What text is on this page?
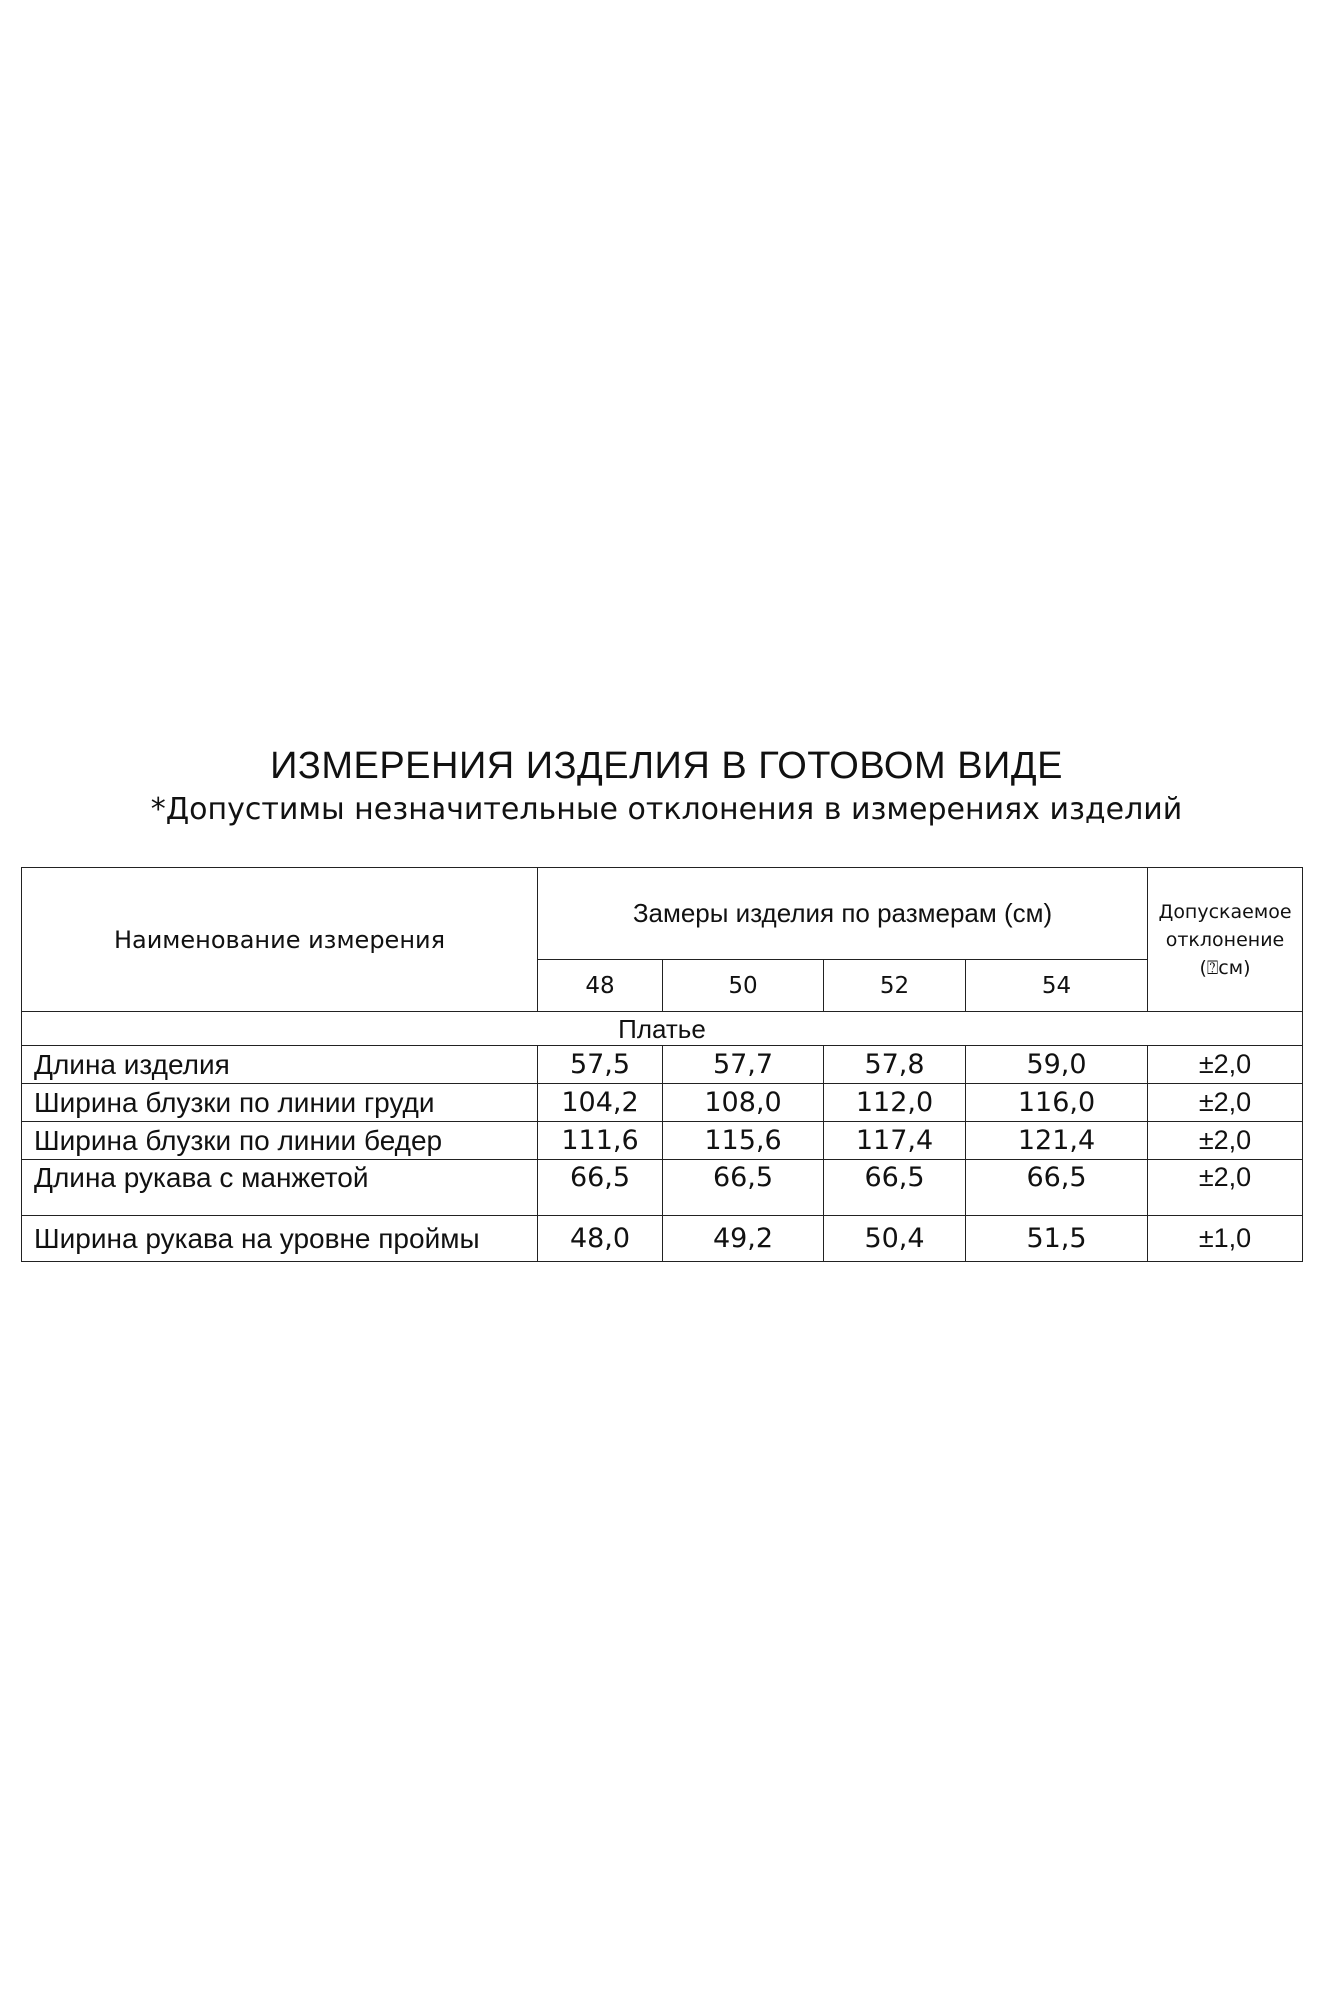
ИЗМЕРЕНИЯ ИЗДЕЛИЯ В ГОТОВОМ ВИДЕ
*Допустимы незначительные отклонения в измерениях изделий
Наименование измерения	Замеры изделия по размерам (см)				Допускаемое
отклонение
(⍰см)

	48	50	52	54	
Платье					
Длина изделия	57,5	57,7	57,8	59,0	±2,0
Ширина блузки по линии груди	104,2	108,0	112,0	116,0	±2,0
Ширина блузки по линии бедер	111,6	115,6	117,4	121,4	±2,0
Длина рукава с манжетой	66,5	66,5	66,5	66,5	±2,0
Ширина рукава на уровне проймы	48,0	49,2	50,4	51,5	±1,0
